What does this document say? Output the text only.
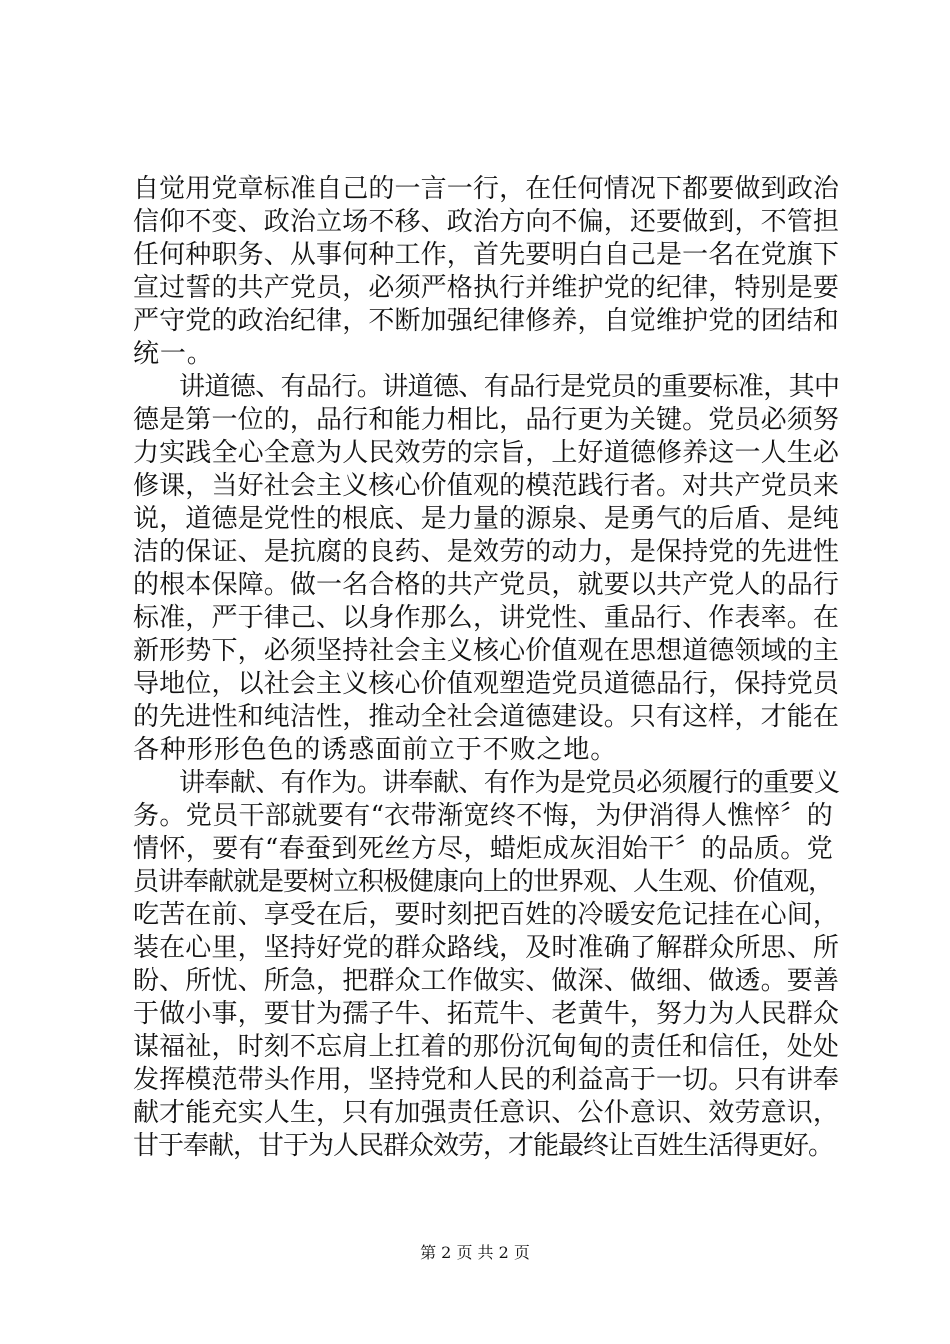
自觉用党章标准自己的一言一行，在任何情况下都要做到政治
信仰不变、政治立场不移、政治方向不偏，还要做到，不管担
任何种职务、从事何种工作，首先要明白自己是一名在党旗下
宣过誓的共产党员，必须严格执行并维护党的纪律，特别是要
严守党的政治纪律，不断加强纪律修养，自觉维护党的团结和
统一。
讲道德、有品行。讲道德、有品行是党员的重要标准，其中
德是第一位的，品行和能力相比，品行更为关键。党员必须努
力实践全心全意为人民效劳的宗旨，上好道德修养这一人生必
修课，当好社会主义核心价值观的模范践行者。对共产党员来
说，道德是党性的根底、是力量的源泉、是勇气的后盾、是纯
洁的保证、是抗腐的良药、是效劳的动力，是保持党的先进性
的根本保障。做一名合格的共产党员，就要以共产党人的品行
标准，严于律己、以身作那么，讲党性、重品行、作表率。在
新形势下，必须坚持社会主义核心价值观在思想道德领域的主
导地位，以社会主义核心价值观塑造党员道德品行，保持党员
的先进性和纯洁性，推动全社会道德建设。只有这样，才能在
各种形形色色的诱惑面前立于不败之地。
讲奉献、有作为。讲奉献、有作为是党员必须履行的重要义
务。党员干部就要有“衣带渐宽终不悔，为伊消得人憔悴〞的
情怀，要有“春蚕到死丝方尽，蜡炬成灰泪始干〞的品质。党
员讲奉献就是要树立积极健康向上的世界观、人生观、价值观，
吃苦在前、享受在后，要时刻把百姓的冷暖安危记挂在心间，
装在心里，坚持好党的群众路线，及时准确了解群众所思、所
盼、所忧、所急，把群众工作做实、做深、做细、做透。要善
于做小事，要甘为孺子牛、拓荒牛、老黄牛，努力为人民群众
谋福祉，时刻不忘肩上扛着的那份沉甸甸的责任和信任，处处
发挥模范带头作用，坚持党和人民的利益高于一切。只有讲奉
献才能充实人生，只有加强责任意识、公仆意识、效劳意识，
甘于奉献，甘于为人民群众效劳，才能最终让百姓生活得更好。
第 2 页 共 2 页
